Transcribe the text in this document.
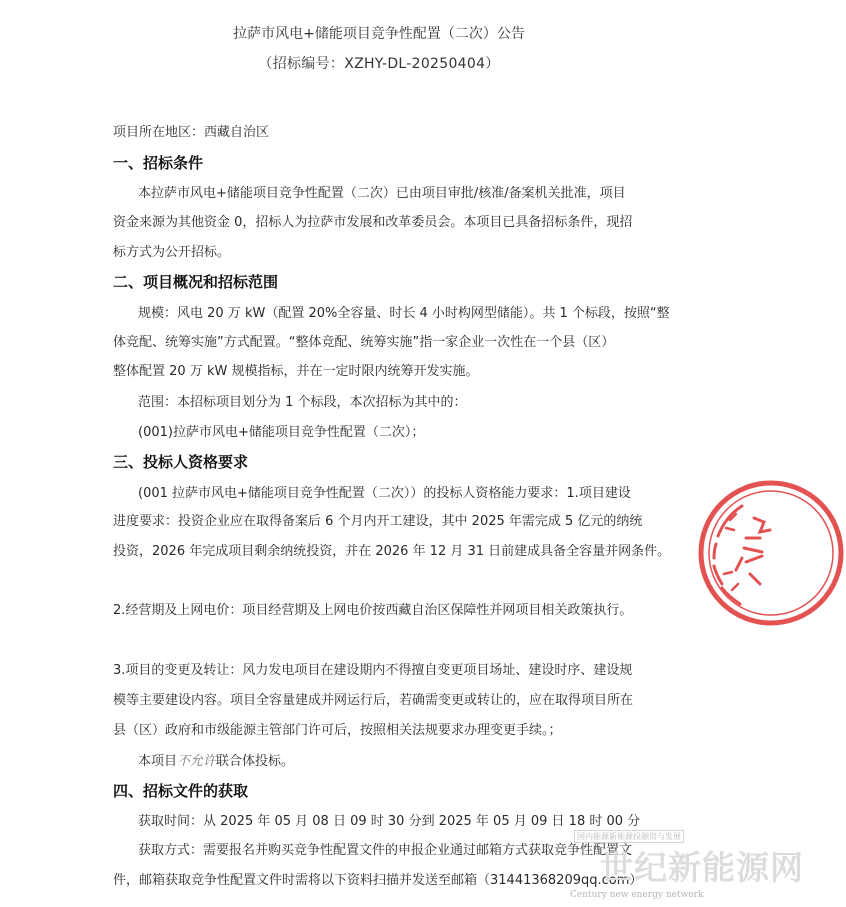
拉萨市风电+储能项目竞争性配置（二次）公告
（招标编号：XZHY-DL-20250404）
项目所在地区：西藏自治区
一、招标条件
本拉萨市风电+储能项目竞争性配置（二次）已由项目审批/核准/备案机关批准，项目
资金来源为其他资金 0，招标人为拉萨市发展和改革委员会。本项目已具备招标条件，现招
标方式为公开招标。
二、项目概况和招标范围
规模：风电 20 万 kW（配置 20%全容量、时长 4 小时构网型储能）。共 1 个标段，按照“整
体竞配、统筹实施”方式配置。“整体竞配、统筹实施”指一家企业一次性在一个县（区）
整体配置 20 万 kW 规模指标，并在一定时限内统筹开发实施。
范围：本招标项目划分为 1 个标段，本次招标为其中的：
(001)拉萨市风电+储能项目竞争性配置（二次）；
三、投标人资格要求
(001 拉萨市风电+储能项目竞争性配置（二次））的投标人资格能力要求：1.项目建设
进度要求：投资企业应在取得备案后 6 个月内开工建设，其中 2025 年需完成 5 亿元的纳统
投资，2026 年完成项目剩余纳统投资，并在 2026 年 12 月 31 日前建成具备全容量并网条件。
2.经营期及上网电价：项目经营期及上网电价按西藏自治区保障性并网项目相关政策执行。
3.项目的变更及转让：风力发电项目在建设期内不得擅自变更项目场址、建设时序、建设规
模等主要建设内容。项目全容量建成并网运行后，若确需变更或转让的，应在取得项目所在
县（区）政府和市级能源主管部门许可后，按照相关法规要求办理变更手续。；
本项目不允许联合体投标。
四、招标文件的获取
获取时间：从 2025 年 05 月 08 日 09 时 30 分到 2025 年 05 月 09 日 18 时 00 分
获取方式：需要报名并购买竞争性配置文件的申报企业通过邮箱方式获取竞争性配置文
件，邮箱获取竞争性配置文件时需将以下资料扫描并发送至邮箱（31441368209qq.com）
国内能源新能源投融资与发展
世纪新能源网
Century new energy network
